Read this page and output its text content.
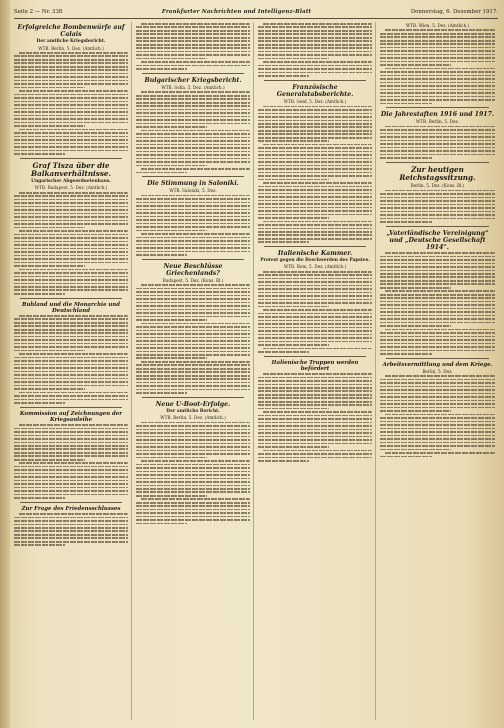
Seite 2 — Nr. 338	Frankfurter Nachrichten und Intelligenz-Blatt	Donnerstag, 6. Dezember 1917.
Erfolgreiche Bombenwürfe auf Calais
Der amtliche Kriegsbericht.
WTB. Berlin, 5. Dez. (Amtlich.)
Graf Tisza über die Balkanverhältnisse.
Ungarischer Abgeordnetenhaus.
WTB. Budapest, 5. Dez. (Amtlich.)
Ruhland und die Monarchie und Deutschland
Kommission auf Zeichnungen der Kriegsanleihe
Zur Frage des Friedensschlusses
Bulgarischer Kriegsbericht.
WTB. Sofia, 5. Dez. (Amtlich.)
Die Stimmung in Saloniki.
WTB. Saloniki, 5. Dez.
Neue Beschlüsse Griechenlands?
Budapest, 5. Dez. (Kons. Bl.)
Neue U-Boot-Erfolge.
Der amtliche Bericht.
WTB. Berlin, 5. Dez. (Amtlich.)
Französische Generalstabsberichte.
WTB. Genf, 5. Dez. (Amtlich.)
Italienische Kammer.
Protest gegen die Beschwerden des Papstes.
WTB. Rom, 5. Dez. (Amtlich.)
Italienische Truppen werden befördert
WTB. Wien, 5. Dez. (Amtlich.)
Die Jahrestaften 1916 und 1917.
WTB. Berlin, 5. Dez.
Zur heutigen Reichstagssitzung.
Berlin, 5. Dez. (Kons. Bl.)
„Vaterländische Vereinigung“ und „Deutsche Gesellschaft 1914“.
Arbeitsvermittlung und dem Kriege.
Berlin, 5. Dez.
